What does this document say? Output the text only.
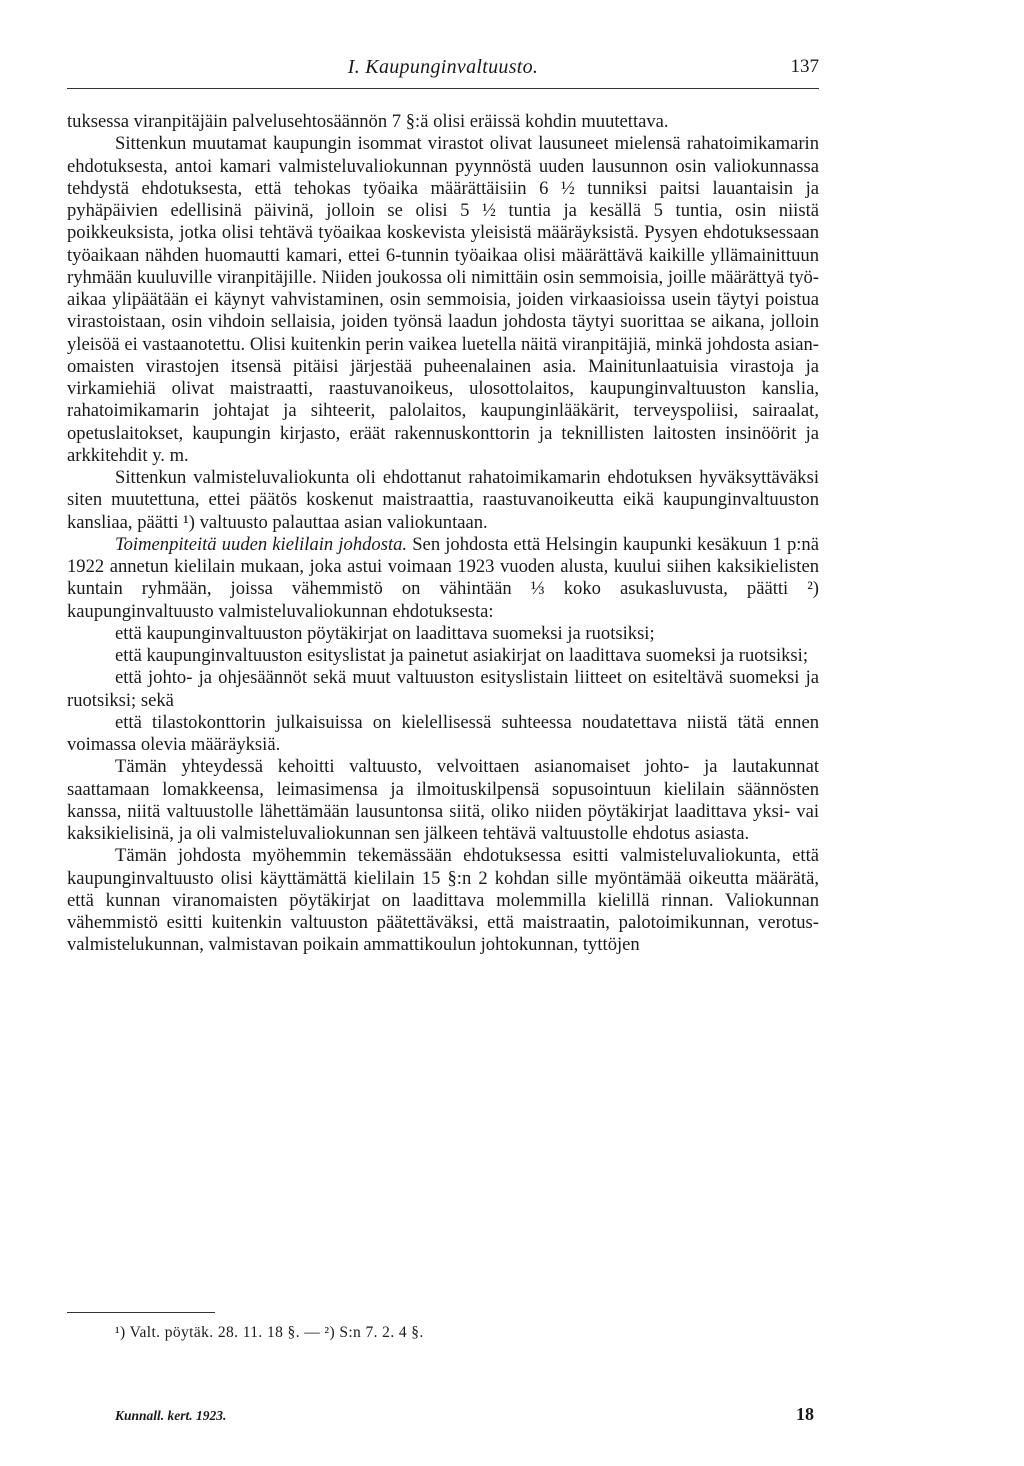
I. Kaupunginvaltuusto.	137

tuksessa viranpitäjäin palvelusehtosäännön 7 §:ä olisi eräissä kohdin muutettava.

Sittenkun muutamat kaupungin isommat virastot olivat lausuneet mielensä rahatoimikamarin ehdotuksesta, antoi kamari valmisteluvaliokunnan pyynnöstä uuden lausunnon osin valiokunnassa tehdystä ehdotuksesta, että tehokas työaika määrättäisiin 6 ½ tunniksi paitsi lauantaisin ja pyhäpäivien edellisinä päivinä, jolloin se olisi 5 ½ tuntia ja kesällä 5 tuntia, osin niistä poikkeuksista, jotka olisi tehtävä työaikaa koskevista yleisistä määräyksistä. Pysyen ehdotuksessaan työaikaan nähden huomautti kamari, ettei 6-tunnin työaikaa olisi määrättävä kaikille yllämainittuun ryhmään kuuluville viranpitäjille. Niiden joukossa oli nimittäin osin semmoisia, joille määrättyä työaikaa ylipäätään ei käynyt vahvistaminen, osin semmoisia, joiden virkaasioissa usein täytyi poistua virastoistaan, osin vihdoin sellaisia, joiden työnsä laadun johdosta täytyi suorittaa se aikana, jolloin yleisöä ei vastaanotettu. Olisi kuitenkin perin vaikea luetella näitä viranpitäjiä, minkä johdosta asianomaisten virastojen itsensä pitäisi järjestää puheenalainen asia. Mainitunlaatuisia virastoja ja virkamiehiä olivat maistraatti, raastuvanoikeus, ulosottolaitos, kaupunginvaltuuston kanslia, rahatoimikamarin johtajat ja sihteerit, palolaitos, kaupunginlääkärit, terveyspoliisi, sairaalat, opetuslaitokset, kaupungin kirjasto, eräät rakennuskonttorin ja teknillisten laitosten insinöörit ja arkkitehdit y. m.

Sittenkun valmisteluvaliokunta oli ehdottanut rahatoimikamarin ehdotuksen hyväksyttäväksi siten muutettuna, ettei päätös koskenut maistraattia, raastuvanoikeutta eikä kaupunginvaltuuston kansliaa, päätti ¹) valtuusto palauttaa asian valiokuntaan.

Toimenpiteitä uuden kielilain johdosta. Sen johdosta että Helsingin kaupunki kesäkuun 1 p:nä 1922 annetun kielilain mukaan, joka astui voimaan 1923 vuoden alusta, kuului siihen kaksikielisten kuntain ryhmään, joissa vähemmistö on vähintään ⅓ koko asukasluvusta, päätti ²) kaupunginvaltuusto valmisteluvaliokunnan ehdotuksesta:

että kaupunginvaltuuston pöytäkirjat on laadittava suomeksi ja ruotsiksi;

että kaupunginvaltuuston esityslistat ja painetut asiakirjat on laadittava suomeksi ja ruotsiksi;

että johto- ja ohjesäännöt sekä muut valtuuston esityslistain liitteet on esiteltävä suomeksi ja ruotsiksi; sekä

että tilastokonttorin julkaisuissa on kielellisessä suhteessa noudatettava niistä tätä ennen voimassa olevia määräyksiä.

Tämän yhteydessä kehoitti valtuusto, velvoittaen asianomaiset johto- ja lautakunnat saattamaan lomakkeensa, leimasimensa ja ilmoituskilpensä sopusointuun kielilain säännösten kanssa, niitä valtuustolle lähettämään lausuntonsa siitä, oliko niiden pöytäkirjat laadittava yksi- vai kaksikielisinä, ja oli valmisteluvaliokunnan sen jälkeen tehtävä valtuustolle ehdotus asiasta.

Tämän johdosta myöhemmin tekemässään ehdotuksessa esitti valmisteluvaliokunta, että kaupunginvaltuusto olisi käyttämättä kielilain 15 §:n 2 kohdan sille myöntämää oikeutta määrätä, että kunnan viranomaisten pöytäkirjat on laadittava molemmilla kielillä rinnan. Valiokunnan vähemmistö esitti kuitenkin valtuuston päätettäväksi, että maistraatin, palotoimikunnan, verotusvalmistelukunnan, valmistavan poikain ammattikoulun johtokunnan, tyttöjen

¹) Valt. pöytäk. 28. 11. 18 §. — ²) S:n 7. 2. 4 §.
Kunnall. kert. 1923.	18
